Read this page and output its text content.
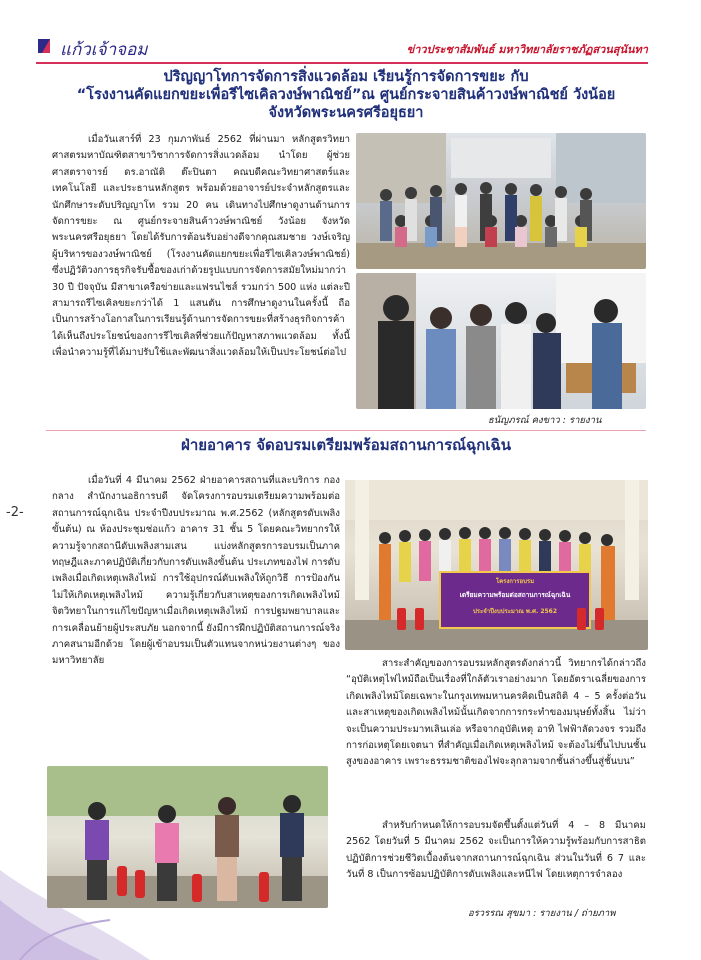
-2-
แก้วเจ้าจอม	ข่าวประชาสัมพันธ์ มหาวิทยาลัยราชภัฏสวนสุนันทา
ปริญญาโทการจัดการสิ่งแวดล้อม เรียนรู้การจัดการขยะ กับ
“โรงงานคัดแยกขยะเพื่อรีไซเคิลวงษ์พาณิชย์”ณ ศูนย์กระจายสินค้าวงษ์พาณิชย์ วังน้อย
จังหวัดพระนครศรีอยุธยา
เมื่อวันเสาร์ที่ 23 กุมภาพันธ์ 2562 ที่ผ่านมา หลักสูตรวิทยาศาสตรมหาบัณฑิตสาขาวิชาการจัดการสิ่งแวดล้อม นำโดย ผู้ช่วยศาสตราจารย์ ดร.อาณัติ ต๊ะปินตา คณบดีคณะวิทยาศาสตร์และเทคโนโลยี และประธานหลักสูตร พร้อมด้วยอาจารย์ประจำหลักสูตรและนักศึกษาระดับปริญญาโท รวม 20 คน เดินทางไปศึกษาดูงานด้านการจัดการขยะ ณ ศูนย์กระจายสินค้าวงษ์พาณิชย์ วังน้อย จังหวัดพระนครศรีอยุธยา โดยได้รับการต้อนรับอย่างดีจากคุณสมชาย วงษ์เจริญ ผู้บริหารของวงษ์พาณิชย์ (โรงงานคัดแยกขยะเพื่อรีไซเคิลวงษ์พาณิชย์) ซึ่งปฏิวัติวงการธุรกิจรับซื้อของเก่าด้วยรูปแบบการจัดการสมัยใหม่มากว่า 30 ปี ปัจจุบัน มีสาขาเครือข่ายและแฟรนไชส์ รวมกว่า 500 แห่ง แต่ละปี สามารถรีไซเคิลขยะกว่าได้ 1 แสนตัน การศึกษาดูงานในครั้งนี้ ถือเป็นการสร้างโอกาสในการเรียนรู้ด้านการจัดการขยะที่สร้างธุรกิจการค้า ได้เห็นถึงประโยชน์ของการรีไซเคิลที่ช่วยแก้ปัญหาสภาพแวดล้อม ทั้งนี้เพื่อนำความรู้ที่ได้มาปรับใช้และพัฒนาสิ่งแวดล้อมให้เป็นประโยชน์ต่อไป
ธนัญภรณ์ คงขาว : รายงาน
ฝ่ายอาคาร จัดอบรมเตรียมพร้อมสถานการณ์ฉุกเฉิน
เมื่อวันที่ 4 มีนาคม 2562 ฝ่ายอาคารสถานที่และบริการ กองกลาง สำนักงานอธิการบดี จัดโครงการอบรมเตรียมความพร้อมต่อสถานการณ์ฉุกเฉิน ประจำปีงบประมาณ พ.ศ.2562 (หลักสูตรดับเพลิงขั้นต้น) ณ ห้องประชุมช่อแก้ว อาคาร 31 ชั้น 5 โดยคณะวิทยากรให้ความรู้จากสถานีดับเพลิงสามเสน แบ่งหลักสูตรการอบรมเป็นภาคทฤษฎีและภาคปฏิบัติเกี่ยวกับการดับเพลิงขั้นต้น ประเภทของไฟ การดับเพลิงเมื่อเกิดเหตุเพลิงไหม้ การใช้อุปกรณ์ดับเพลิงให้ถูกวิธี การป้องกันไม่ให้เกิดเหตุเพลิงไหม้ ความรู้เกี่ยวกับสาเหตุของการเกิดเพลิงไหม้ จิตวิทยาในการแก้ไขปัญหาเมื่อเกิดเหตุเพลิงไหม้ การปฐมพยาบาลและการเคลื่อนย้ายผู้ประสบภัย นอกจากนี้ ยังมีการฝึกปฏิบัติสถานการณ์จริงภาคสนามอีกด้วย โดยผู้เข้าอบรมเป็นตัวแทนจากหน่วยงานต่างๆ ของมหาวิทยาลัย
โครงการอบรม
เตรียมความพร้อมต่อสถานการณ์ฉุกเฉิน
ประจำปีงบประมาณ พ.ศ. 2562
สาระสำคัญของการอบรมหลักสูตรดังกล่าวนี้ วิทยากรได้กล่าวถึง “อุบัติเหตุไฟไหม้ถือเป็นเรื่องที่ใกล้ตัวเราอย่างมาก โดยอัตราเฉลี่ยของการเกิดเพลิงไหม้โดยเฉพาะในกรุงเทพมหานครคิดเป็นสถิติ 4 – 5 ครั้งต่อวัน และสาเหตุของเกิดเพลิงไหม้นั้นเกิดจากการกระทำของมนุษย์ทั้งสิ้น ไม่ว่าจะเป็นความประมาทเลินเล่อ หรือจากอุบัติเหตุ อาทิ ไฟฟ้าลัดวงจร รวมถึงการก่อเหตุโดยเจตนา ที่สำคัญเมื่อเกิดเหตุเพลิงไหม้ จะต้องไม่ขึ้นไปบนชั้นสูงของอาคาร เพราะธรรมชาติของไฟจะลุกลามจากชั้นล่างขึ้นสู่ชั้นบน”
สำหรับกำหนดให้การอบรมจัดขึ้นตั้งแต่วันที่ 4 – 8 มีนาคม 2562 โดยวันที่ 5 มีนาคม 2562 จะเป็นการให้ความรู้พร้อมกับการสาธิตปฏิบัติการช่วยชีวิตเบื้องต้นจากสถานการณ์ฉุกเฉิน ส่วนในวันที่ 6 7 และวันที่ 8 เป็นการซ้อมปฏิบัติการดับเพลิงและหนีไฟ โดยเหตุการจำลอง
อรวรรณ สุขมา : รายงาน / ถ่ายภาพ
